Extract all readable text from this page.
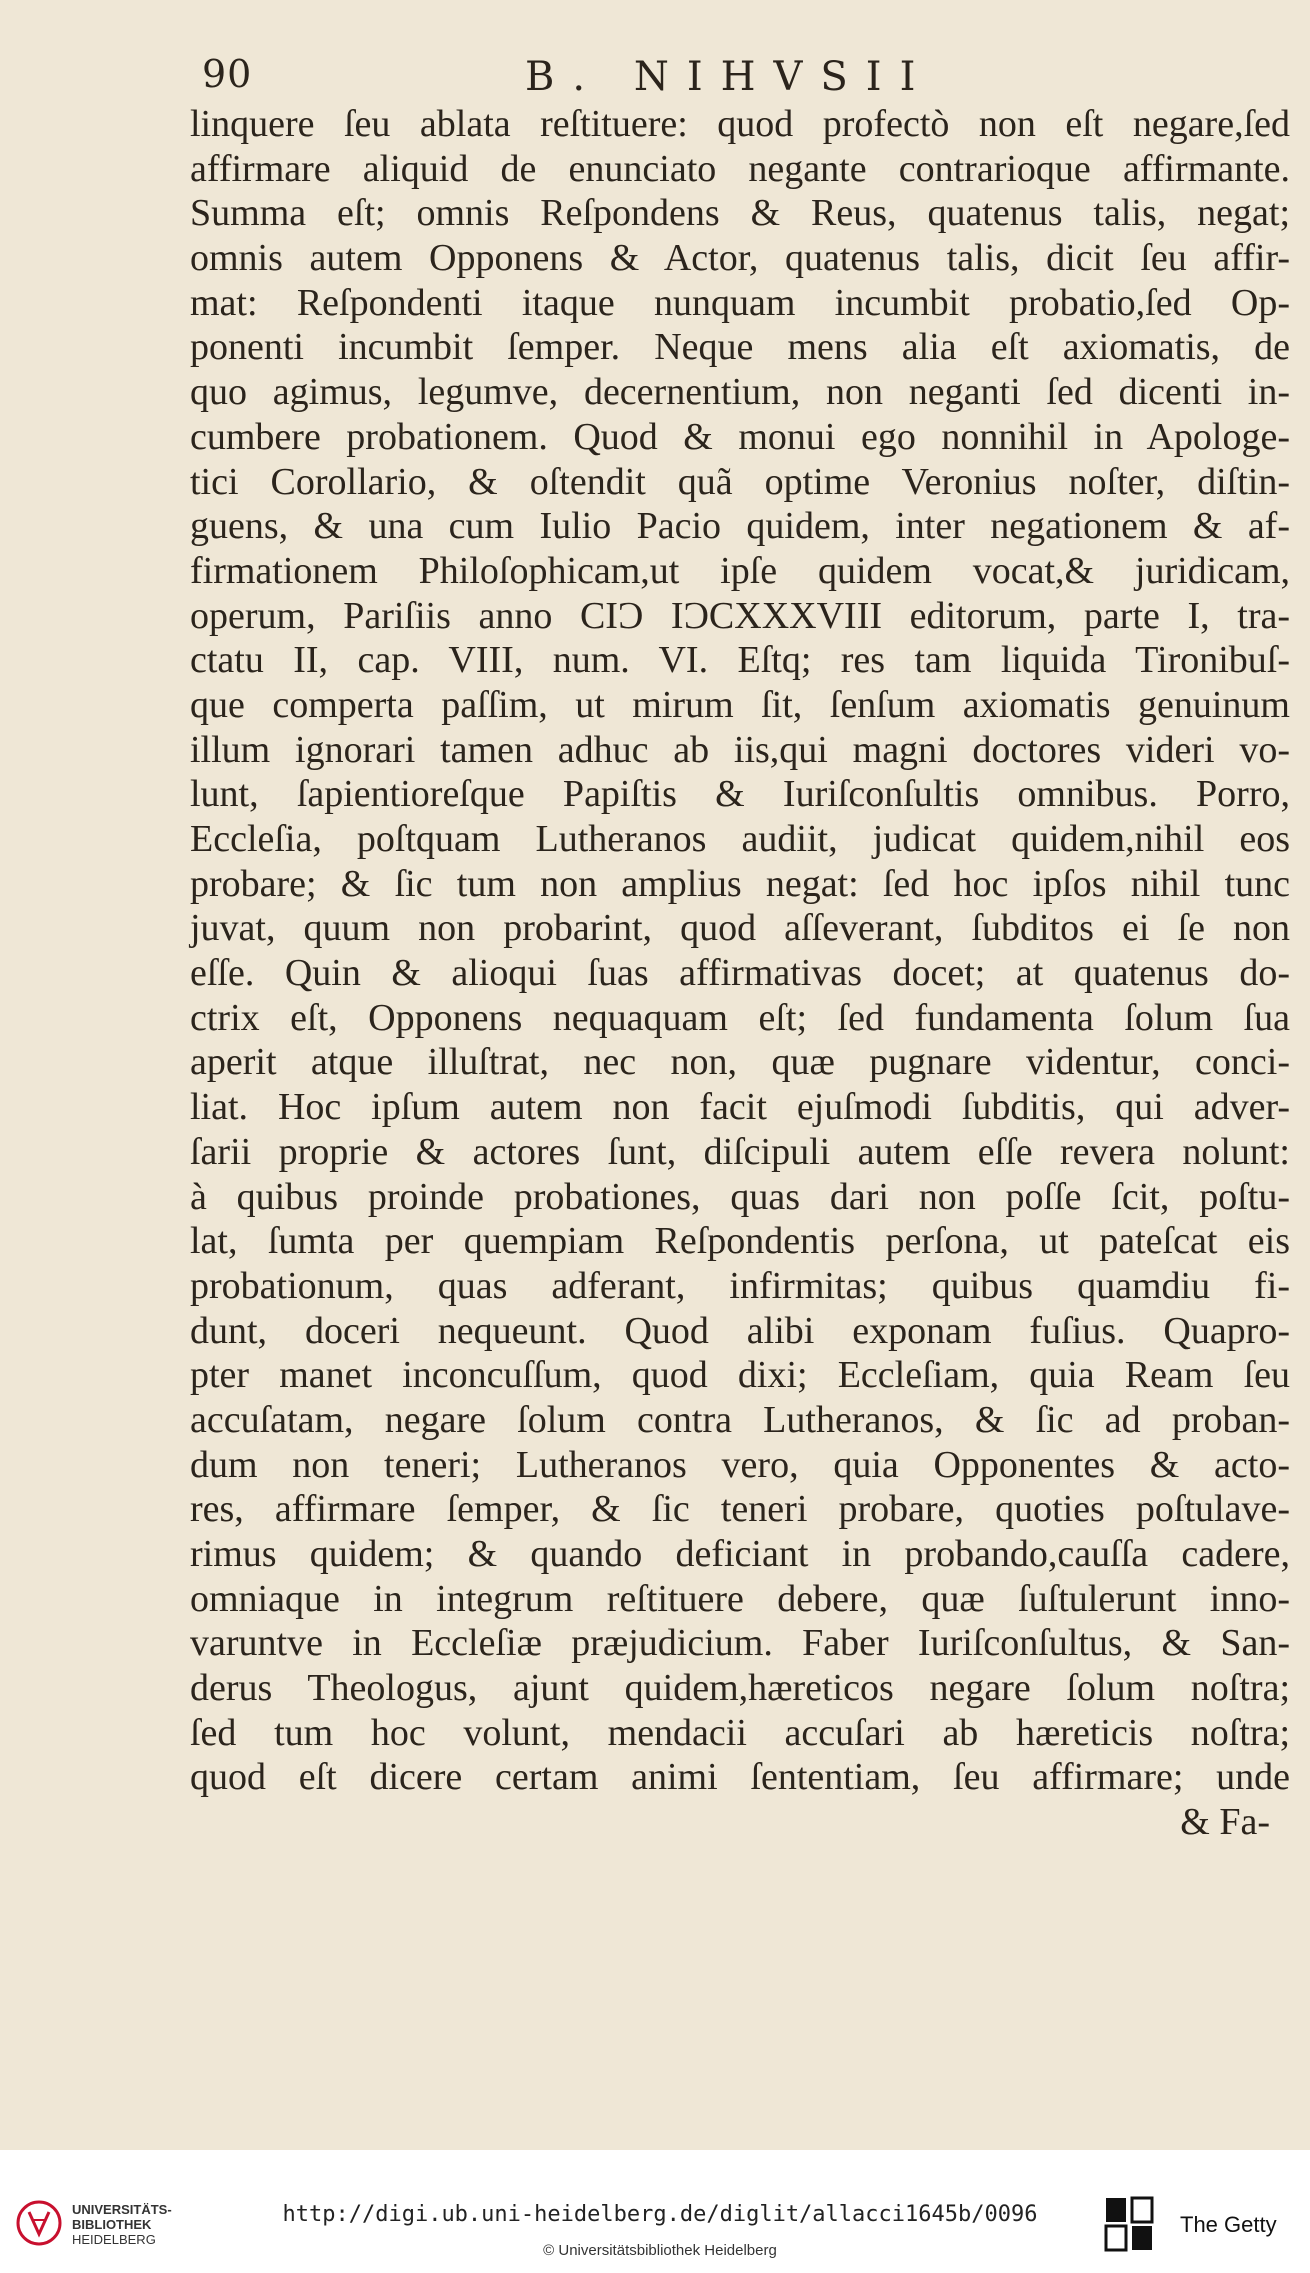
90	B. NIHVSII
linquere ſeu ablata reſtituere: quod profectò non eſt negare,ſed
affirmare aliquid de enunciato negante contrarioque affirmante.
Summa eſt; omnis Reſpondens & Reus, quatenus talis, negat;
omnis autem Opponens & Actor, quatenus talis, dicit ſeu affir-
mat: Reſpondenti itaque nunquam incumbit probatio,ſed Op-
ponenti incumbit ſemper. Neque mens alia eſt axiomatis, de
quo agimus, legumve, decernentium, non neganti ſed dicenti in-
cumbere probationem. Quod & monui ego nonnihil in Apologe-
tici Corollario, & oſtendit quã optime Veronius noſter, diſtin-
guens, & una cum Iulio Pacio quidem, inter negationem & af-
firmationem Philoſophicam,ut ipſe quidem vocat,& juridicam,
operum, Pariſiis anno CIƆ IƆCXXXVIII editorum, parte I, tra-
ctatu II, cap. VIII, num. VI. Eſtq; res tam liquida Tironibuſ-
que comperta paſſim, ut mirum ſit, ſenſum axiomatis genuinum
illum ignorari tamen adhuc ab iis,qui magni doctores videri vo-
lunt, ſapientioreſque Papiſtis & Iuriſconſultis omnibus. Porro,
Eccleſia, poſtquam Lutheranos audiit, judicat quidem,nihil eos
probare; & ſic tum non amplius negat: ſed hoc ipſos nihil tunc
juvat, quum non probarint, quod aſſeverant, ſubditos ei ſe non
eſſe. Quin & alioqui ſuas affirmativas docet; at quatenus do-
ctrix eſt, Opponens nequaquam eſt; ſed fundamenta ſolum ſua
aperit atque illuſtrat, nec non, quæ pugnare videntur, conci-
liat. Hoc ipſum autem non facit ejuſmodi ſubditis, qui adver-
ſarii proprie & actores ſunt, diſcipuli autem eſſe revera nolunt:
à quibus proinde probationes, quas dari non poſſe ſcit, poſtu-
lat, ſumta per quempiam Reſpondentis perſona, ut pateſcat eis
probationum, quas adferant, infirmitas; quibus quamdiu fi-
dunt, doceri nequeunt. Quod alibi exponam fuſius. Quapro-
pter manet inconcuſſum, quod dixi; Eccleſiam, quia Ream ſeu
accuſatam, negare ſolum contra Lutheranos, & ſic ad proban-
dum non teneri; Lutheranos vero, quia Opponentes & acto-
res, affirmare ſemper, & ſic teneri probare, quoties poſtulave-
rimus quidem; & quando deficiant in probando,cauſſa cadere,
omniaque in integrum reſtituere debere, quæ ſuſtulerunt inno-
varuntve in Eccleſiæ præjudicium. Faber Iuriſconſultus, & San-
derus Theologus, ajunt quidem,hæreticos negare ſolum noſtra;
ſed tum hoc volunt, mendacii accuſari ab hæreticis noſtra;
quod eſt dicere certam animi ſententiam, ſeu affirmare; unde
& Fa-
UNIVERSITÄTS-
BIBLIOTHEK
HEIDELBERG
http://digi.ub.uni-heidelberg.de/diglit/allacci1645b/0096
© Universitätsbibliothek Heidelberg
The Getty
